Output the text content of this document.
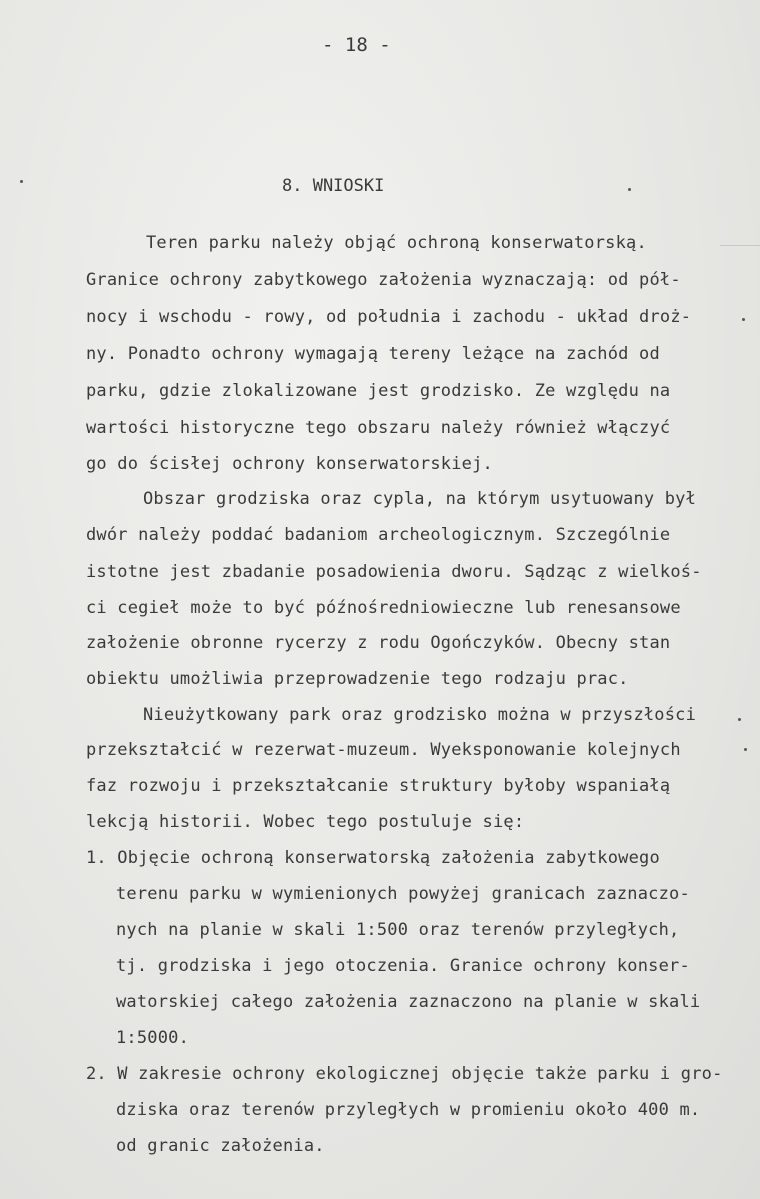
- 18 -
8. WNIOSKI
Teren parku należy objąć ochroną konserwatorską.
Granice ochrony zabytkowego założenia wyznaczają: od pół-
nocy i wschodu - rowy, od południa i zachodu - układ droż-
ny. Ponadto ochrony wymagają tereny leżące na zachód od
parku, gdzie zlokalizowane jest grodzisko. Ze względu na
wartości historyczne tego obszaru należy również włączyć
go do ścisłej ochrony konserwatorskiej.
Obszar grodziska oraz cypla, na którym usytuowany był
dwór należy poddać badaniom archeologicznym. Szczególnie
istotne jest zbadanie posadowienia dworu. Sądząc z wielkoś-
ci cegieł może to być późnośredniowieczne lub renesansowe
założenie obronne rycerzy z rodu Ogończyków. Obecny stan
obiektu umożliwia przeprowadzenie tego rodzaju prac.
Nieużytkowany park oraz grodzisko można w przyszłości
przekształcić w rezerwat-muzeum. Wyeksponowanie kolejnych
faz rozwoju i przekształcanie struktury byłoby wspaniałą
lekcją historii. Wobec tego postuluje się:
1. Objęcie ochroną konserwatorską założenia zabytkowego
terenu parku w wymienionych powyżej granicach zaznaczo-
nych na planie w skali 1:500 oraz terenów przyległych,
tj. grodziska i jego otoczenia. Granice ochrony konser-
watorskiej całego założenia zaznaczono na planie w skali
1:5000.
2. W zakresie ochrony ekologicznej objęcie także parku i gro-
dziska oraz terenów przyległych w promieniu około 400 m.
od granic założenia.
